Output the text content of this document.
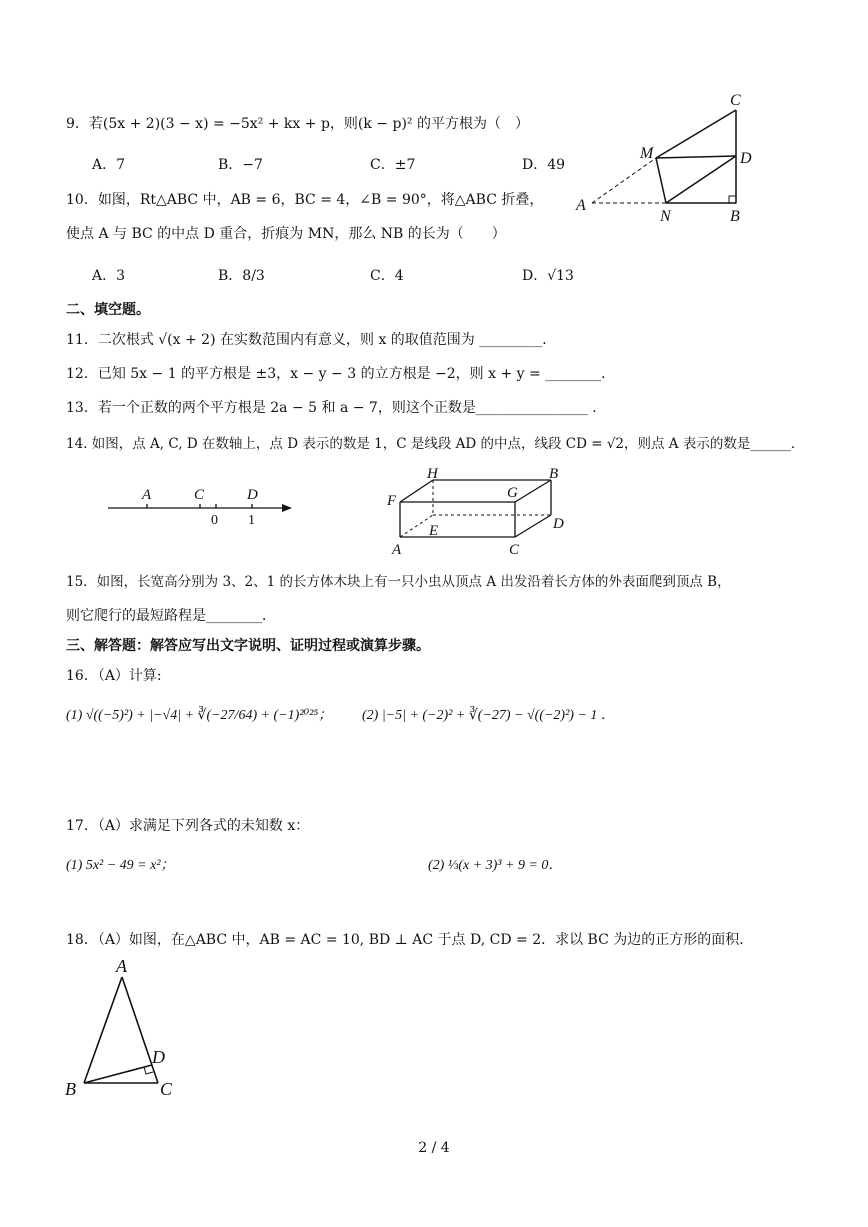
9．若(5x + 2)(3 − x) = −5x² + kx + p，则(k − p)² 的平方根为（　）
A．7	B．−7	C．±7	D．49
C
M	D
A
N	B
10．如图，Rt△ABC 中，AB = 6，BC = 4，∠B = 90°，将△ABC 折叠，
使点 A 与 BC 的中点 D 重合，折痕为 MN，那么 NB 的长为（　　）
A．3	B．8/3	C．4	D．√13
二、填空题。
11．二次根式 √(x + 2) 在实数范围内有意义，则 x 的取值范围为 _________．
12．已知 5x − 1 的平方根是 ±3，x − y − 3 的立方根是 −2，则 x + y = ________．
13．若一个正数的两个平方根是 2a − 5 和 a − 7，则这个正数是________________ ．
14. 如图，点 A, C, D 在数轴上，点 D 表示的数是 1，C 是线段 AD 的中点，线段 CD = √2，则点 A 表示的数是______．
A	C	D
0 1
H	B
F	G
D
E
A	C
15．如图，长宽高分别为 3、2、1 的长方体木块上有一只小虫从顶点 A 出发沿着长方体的外表面爬到顶点 B，
则它爬行的最短路程是________．
三、解答题：解答应写出文字说明、证明过程或演算步骤。
16．（A）计算:
(1) √((−5)²) + |−√4| + ∛(−27/64) + (−1)²⁰²⁵； (2) |−5| + (−2)² + ∛(−27) − √((−2)²) − 1 ．
17．（A）求满足下列各式的未知数 x：
(1) 5x² − 49 = x²；	(2) ⅓(x + 3)³ + 9 = 0．
18．（A）如图，在△ABC 中，AB = AC = 10, BD ⊥ AC 于点 D, CD = 2．求以 BC 为边的正方形的面积．
A
D
B	C
2 / 4
